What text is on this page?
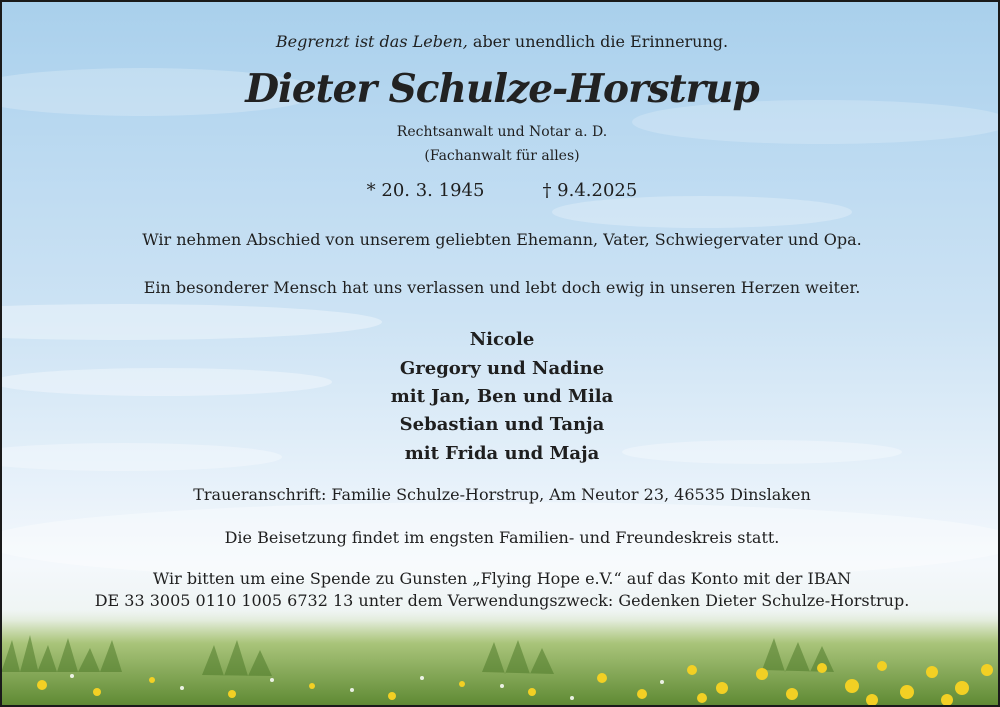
Begrenzt ist das Leben, aber unendlich die Erinnerung.
Dieter Schulze-Horstrup
Rechtsanwalt und Notar a. D.
(Fachanwalt für alles)
* 20. 3. 1945	† 9.4.2025
Wir nehmen Abschied von unserem geliebten Ehemann, Vater, Schwiegervater und Opa.
Ein besonderer Mensch hat uns verlassen und lebt doch ewig in unseren Herzen weiter.
Nicole
Gregory und Nadine
mit Jan, Ben und Mila
Sebastian und Tanja
mit Frida und Maja
Traueranschrift: Familie Schulze-Horstrup, Am Neutor 23, 46535 Dinslaken
Die Beisetzung findet im engsten Familien- und Freundeskreis statt.
Wir bitten um eine Spende zu Gunsten „Flying Hope e.V.“ auf das Konto mit der IBAN
DE 33 3005 0110 1005 6732 13 unter dem Verwendungszweck: Gedenken Dieter Schulze-Horstrup.
